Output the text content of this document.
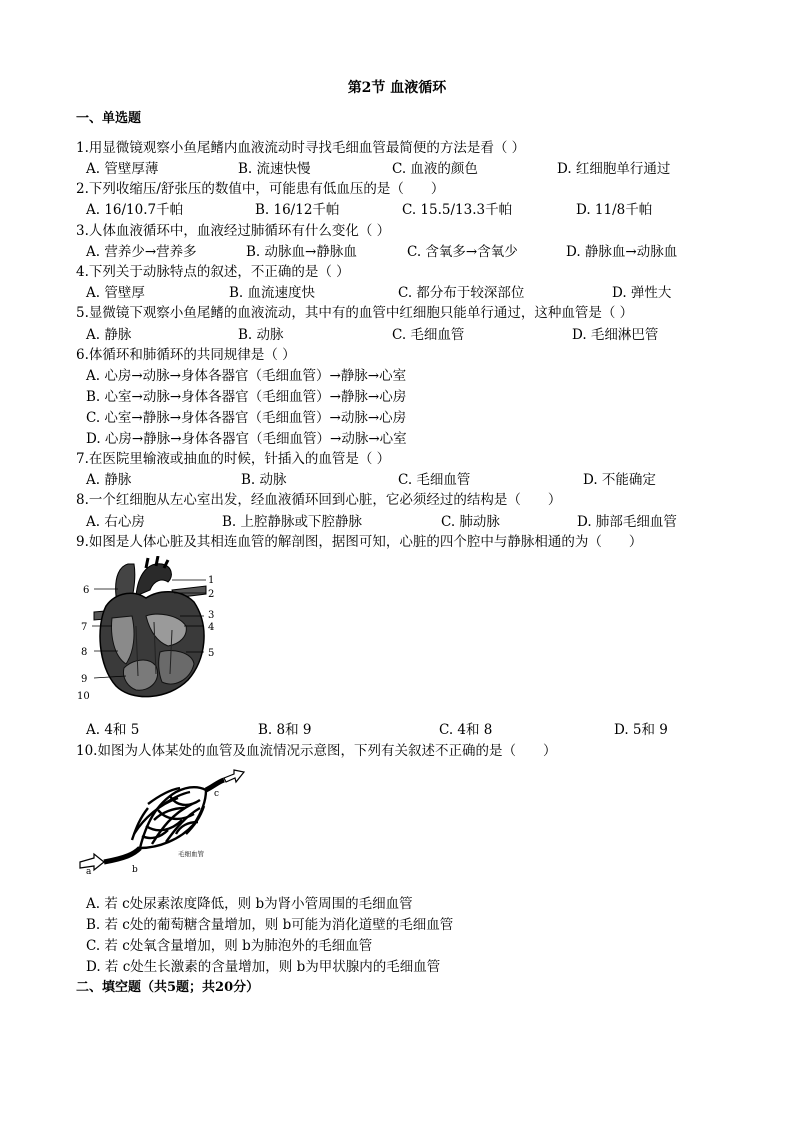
第2节 血液循环
一、单选题
1.用显微镜观察小鱼尾鳍内血液流动时寻找毛细血管最简便的方法是看（ ）
A. 管壁厚薄	B. 流速快慢	C. 血液的颜色	D. 红细胞单行通过
2.下列收缩压/舒张压的数值中，可能患有低血压的是（　　）
A. 16/10.7千帕	B. 16/12千帕	C. 15.5/13.3千帕	D. 11/8千帕
3.人体血液循环中，血液经过肺循环有什么变化（ ）
A. 营养少→营养多	B. 动脉血→静脉血	C. 含氧多→含氧少	D. 静脉血→动脉血
4.下列关于动脉特点的叙述，不正确的是（ ）
A. 管壁厚	B. 血流速度快	C. 都分布于较深部位	D. 弹性大
5.显微镜下观察小鱼尾鳍的血液流动，其中有的血管中红细胞只能单行通过，这种血管是（ ）
A. 静脉	B. 动脉	C. 毛细血管	D. 毛细淋巴管
6.体循环和肺循环的共同规律是（ ）
A. 心房→动脉→身体各器官（毛细血管）→静脉→心室
B. 心室→动脉→身体各器官（毛细血管）→静脉→心房
C. 心室→静脉→身体各器官（毛细血管）→动脉→心房
D. 心房→静脉→身体各器官（毛细血管）→动脉→心室
7.在医院里输液或抽血的时候，针插入的血管是（ ）
A. 静脉	B. 动脉	C. 毛细血管	D. 不能确定
8.一个红细胞从左心室出发，经血液循环回到心脏，它必须经过的结构是（　　）
A. 右心房	B. 上腔静脉或下腔静脉	C. 肺动脉	D. 肺部毛细血管
9.如图是人体心脏及其相连血管的解剖图，据图可知，心脏的四个腔中与静脉相通的为（　　）
1
2
3
4
5
6
7
8
9
10
A. 4和 5	B. 8和 9	C. 4和 8	D. 5和 9
10.如图为人体某处的血管及血流情况示意图，下列有关叙述不正确的是（　　）
a	b
c
毛细血管
A. 若 c处尿素浓度降低，则 b为肾小管周围的毛细血管
B. 若 c处的葡萄糖含量增加，则 b可能为消化道壁的毛细血管
C. 若 c处氧含量增加，则 b为肺泡外的毛细血管
D. 若 c处生长激素的含量增加，则 b为甲状腺内的毛细血管
二、填空题（共5题；共20分）
